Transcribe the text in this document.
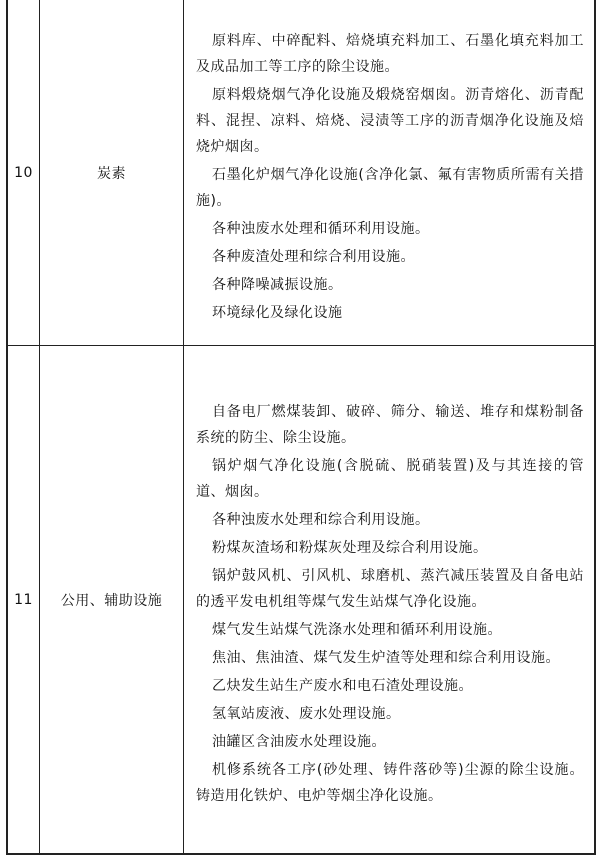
10	炭素

原料库、中碎配料、焙烧填充料加工、石墨化填充料加工及成品加工等工序的除尘设施。

原料煅烧烟气净化设施及煅烧窑烟囱。沥青熔化、沥青配料、混捏、凉料、焙烧、浸渍等工序的沥青烟净化设施及焙烧炉烟囱。

石墨化炉烟气净化设施(含净化氯、氟有害物质所需有关措施)。

各种浊废水处理和循环利用设施。

各种废渣处理和综合利用设施。

各种降噪减振设施。

环境绿化及绿化设施

11	公用、辅助设施

自备电厂燃煤装卸、破碎、筛分、输送、堆存和煤粉制备系统的防尘、除尘设施。

锅炉烟气净化设施(含脱硫、脱硝装置)及与其连接的管道、烟囱。

各种浊废水处理和综合利用设施。

粉煤灰渣场和粉煤灰处理及综合利用设施。

锅炉鼓风机、引风机、球磨机、蒸汽减压装置及自备电站的透平发电机组等煤气发生站煤气净化设施。

煤气发生站煤气洗涤水处理和循环利用设施。

焦油、焦油渣、煤气发生炉渣等处理和综合利用设施。

乙炔发生站生产废水和电石渣处理设施。

氢氧站废液、废水处理设施。

油罐区含油废水处理设施。

机修系统各工序(砂处理、铸件落砂等)尘源的除尘设施。铸造用化铁炉、电炉等烟尘净化设施。
